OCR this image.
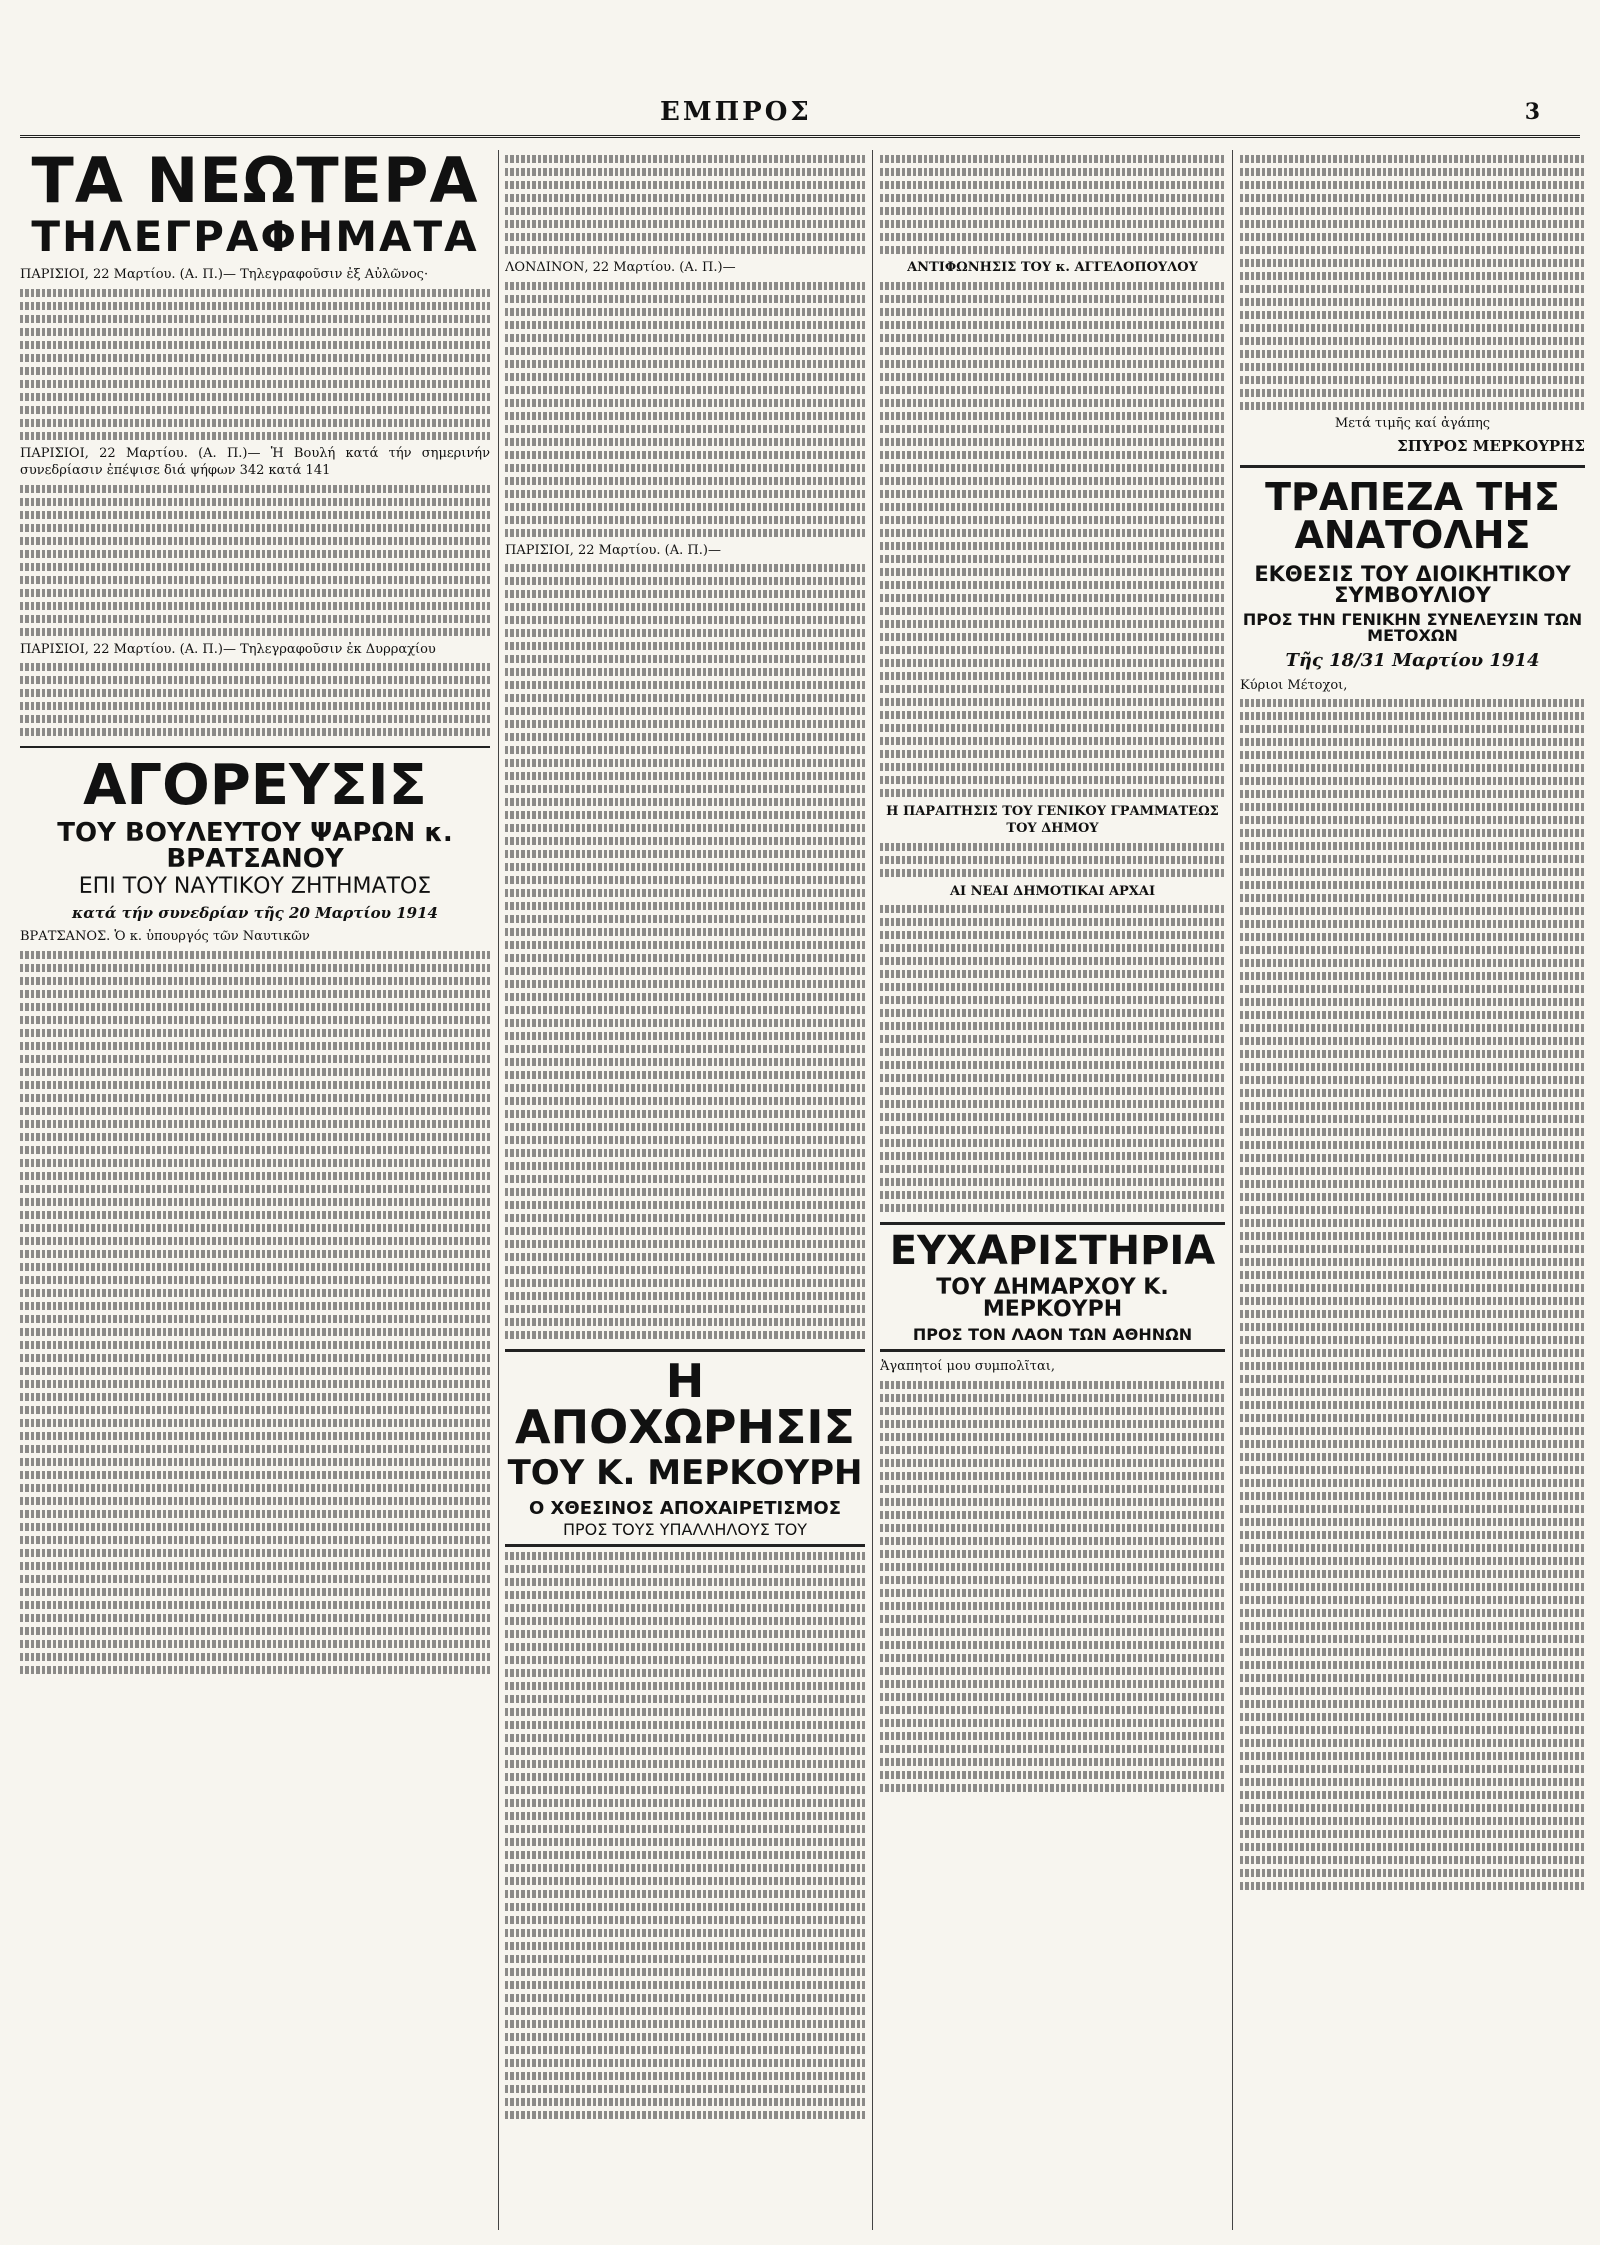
ΕΜΠΡΟΣ	3
ΤΑ ΝΕΩΤΕΡΑ
ΤΗΛΕΓΡΑΦΗΜΑΤΑ

ΠΑΡΙΣΙΟΙ, 22 Μαρτίου. (Α. Π.)— Τηλεγραφοῦσιν ἐξ Αὐλῶνος·

ΠΑΡΙΣΙΟΙ, 22 Μαρτίου. (Α. Π.)— Ἡ Βουλή κατά τήν σημερινήν συνεδρίασιν ἐπέψισε διά ψήφων 342 κατά 141

ΠΑΡΙΣΙΟΙ, 22 Μαρτίου. (Α. Π.)— Τηλεγραφοῦσιν ἐκ Δυρραχίου

ΑΓΟΡΕΥΣΙΣ
ΤΟΥ ΒΟΥΛΕΥΤΟΥ ΨΑΡΩΝ κ. ΒΡΑΤΣΑΝΟΥ
ΕΠΙ ΤΟΥ ΝΑΥΤΙΚΟΥ ΖΗΤΗΜΑΤΟΣ

κατά τήν συνεδρίαν τῆς 20 Μαρτίου 1914

ΒΡΑΤΣΑΝΟΣ. Ὁ κ. ὑπουργός τῶν Ναυτικῶν

ΛΟΝΔΙΝΟΝ, 22 Μαρτίου. (Α. Π.)—

ΠΑΡΙΣΙΟΙ, 22 Μαρτίου. (Α. Π.)—

Η ΑΠΟΧΩΡΗΣΙΣ
ΤΟΥ Κ. ΜΕΡΚΟΥΡΗ
Ο ΧΘΕΣΙΝΟΣ ΑΠΟΧΑΙΡΕΤΙΣΜΟΣ
ΠΡΟΣ ΤΟΥΣ ΥΠΑΛΛΗΛΟΥΣ ΤΟΥ

ΑΝΤΙΦΩΝΗΣΙΣ ΤΟΥ κ. ΑΓΓΕΛΟΠΟΥΛΟΥ

Η ΠΑΡΑΙΤΗΣΙΣ ΤΟΥ ΓΕΝΙΚΟΥ ΓΡΑΜΜΑΤΕΩΣ ΤΟΥ ΔΗΜΟΥ

ΑΙ ΝΕΑΙ ΔΗΜΟΤΙΚΑΙ ΑΡΧΑΙ

ΕΥΧΑΡΙΣΤΗΡΙΑ
ΤΟΥ ΔΗΜΑΡΧΟΥ Κ. ΜΕΡΚΟΥΡΗ
ΠΡΟΣ ΤΟΝ ΛΑΟΝ ΤΩΝ ΑΘΗΝΩΝ

Ἀγαπητοί μου συμπολῖται,

Μετά τιμῆς καί ἀγάπης

ΣΠΥΡΟΣ ΜΕΡΚΟΥΡΗΣ

ΤΡΑΠΕΖΑ ΤΗΣ ΑΝΑΤΟΛΗΣ
ΕΚΘΕΣΙΣ ΤΟΥ ΔΙΟΙΚΗΤΙΚΟΥ ΣΥΜΒΟΥΛΙΟΥ
ΠΡΟΣ ΤΗΝ ΓΕΝΙΚΗΝ ΣΥΝΕΛΕΥΣΙΝ ΤΩΝ ΜΕΤΟΧΩΝ

Τῆς 18/31 Μαρτίου 1914

Κύριοι Μέτοχοι,
